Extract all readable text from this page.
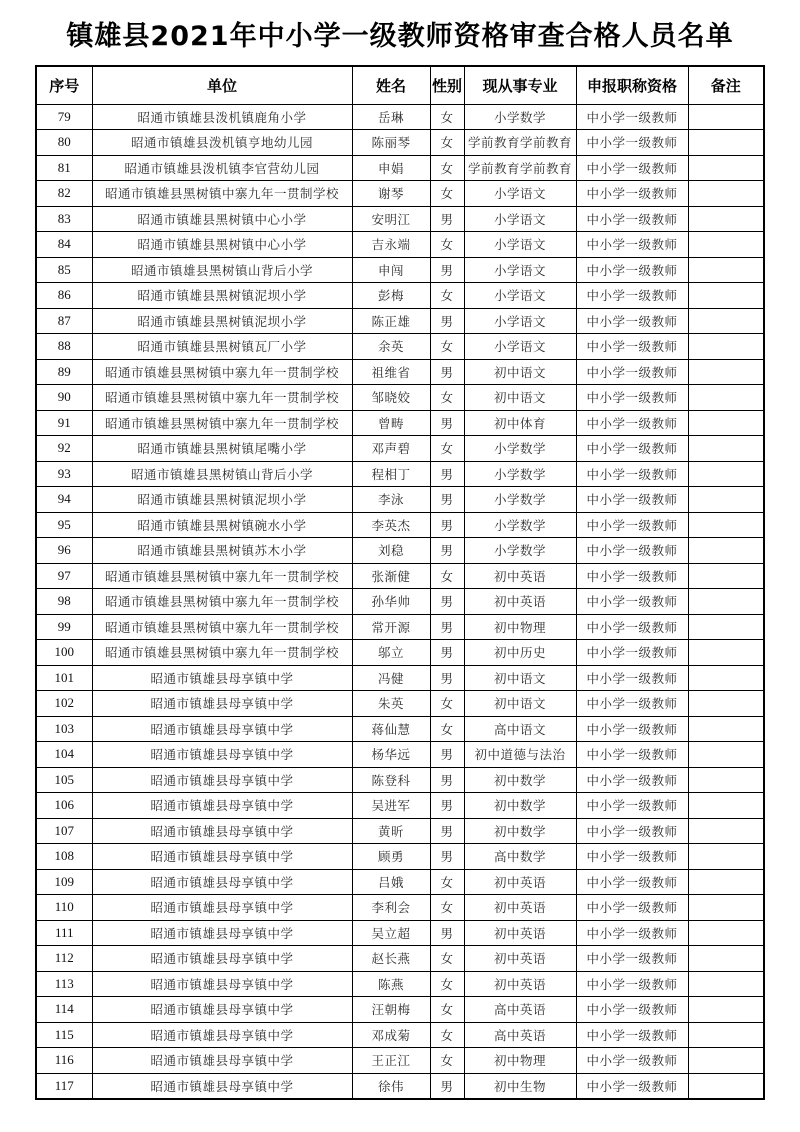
镇雄县2021年中小学一级教师资格审查合格人员名单
序号	单位	姓名	性别	现从事专业	申报职称资格	备注
79	昭通市镇雄县泼机镇鹿角小学	岳琳	女	小学数学	中小学一级教师	
80	昭通市镇雄县泼机镇亨地幼儿园	陈丽琴	女	学前教育学前教育	中小学一级教师	
81	昭通市镇雄县泼机镇李官营幼儿园	申娟	女	学前教育学前教育	中小学一级教师	
82	昭通市镇雄县黑树镇中寨九年一贯制学校	谢琴	女	小学语文	中小学一级教师	
83	昭通市镇雄县黑树镇中心小学	安明江	男	小学语文	中小学一级教师	
84	昭通市镇雄县黑树镇中心小学	吉永端	女	小学语文	中小学一级教师	
85	昭通市镇雄县黑树镇山背后小学	申闯	男	小学语文	中小学一级教师	
86	昭通市镇雄县黑树镇泥坝小学	彭梅	女	小学语文	中小学一级教师	
87	昭通市镇雄县黑树镇泥坝小学	陈正雄	男	小学语文	中小学一级教师	
88	昭通市镇雄县黑树镇瓦厂小学	余英	女	小学语文	中小学一级教师	
89	昭通市镇雄县黑树镇中寨九年一贯制学校	祖维省	男	初中语文	中小学一级教师	
90	昭通市镇雄县黑树镇中寨九年一贯制学校	邹晓姣	女	初中语文	中小学一级教师	
91	昭通市镇雄县黑树镇中寨九年一贯制学校	曾畴	男	初中体育	中小学一级教师	
92	昭通市镇雄县黑树镇尾嘴小学	邓声碧	女	小学数学	中小学一级教师	
93	昭通市镇雄县黑树镇山背后小学	程相丁	男	小学数学	中小学一级教师	
94	昭通市镇雄县黑树镇泥坝小学	李泳	男	小学数学	中小学一级教师	
95	昭通市镇雄县黑树镇碗水小学	李英杰	男	小学数学	中小学一级教师	
96	昭通市镇雄县黑树镇苏木小学	刘稳	男	小学数学	中小学一级教师	
97	昭通市镇雄县黑树镇中寨九年一贯制学校	张渐健	女	初中英语	中小学一级教师	
98	昭通市镇雄县黑树镇中寨九年一贯制学校	孙华帅	男	初中英语	中小学一级教师	
99	昭通市镇雄县黑树镇中寨九年一贯制学校	常开源	男	初中物理	中小学一级教师	
100	昭通市镇雄县黑树镇中寨九年一贯制学校	邬立	男	初中历史	中小学一级教师	
101	昭通市镇雄县母享镇中学	冯健	男	初中语文	中小学一级教师	
102	昭通市镇雄县母享镇中学	朱英	女	初中语文	中小学一级教师	
103	昭通市镇雄县母享镇中学	蒋仙慧	女	高中语文	中小学一级教师	
104	昭通市镇雄县母享镇中学	杨华远	男	初中道德与法治	中小学一级教师	
105	昭通市镇雄县母享镇中学	陈登科	男	初中数学	中小学一级教师	
106	昭通市镇雄县母享镇中学	吴进军	男	初中数学	中小学一级教师	
107	昭通市镇雄县母享镇中学	黄昕	男	初中数学	中小学一级教师	
108	昭通市镇雄县母享镇中学	顾勇	男	高中数学	中小学一级教师	
109	昭通市镇雄县母享镇中学	吕娥	女	初中英语	中小学一级教师	
110	昭通市镇雄县母享镇中学	李利会	女	初中英语	中小学一级教师	
111	昭通市镇雄县母享镇中学	吴立超	男	初中英语	中小学一级教师	
112	昭通市镇雄县母享镇中学	赵长燕	女	初中英语	中小学一级教师	
113	昭通市镇雄县母享镇中学	陈燕	女	初中英语	中小学一级教师	
114	昭通市镇雄县母享镇中学	汪朝梅	女	高中英语	中小学一级教师	
115	昭通市镇雄县母享镇中学	邓成菊	女	高中英语	中小学一级教师	
116	昭通市镇雄县母享镇中学	王正江	女	初中物理	中小学一级教师	
117	昭通市镇雄县母享镇中学	徐伟	男	初中生物	中小学一级教师	
